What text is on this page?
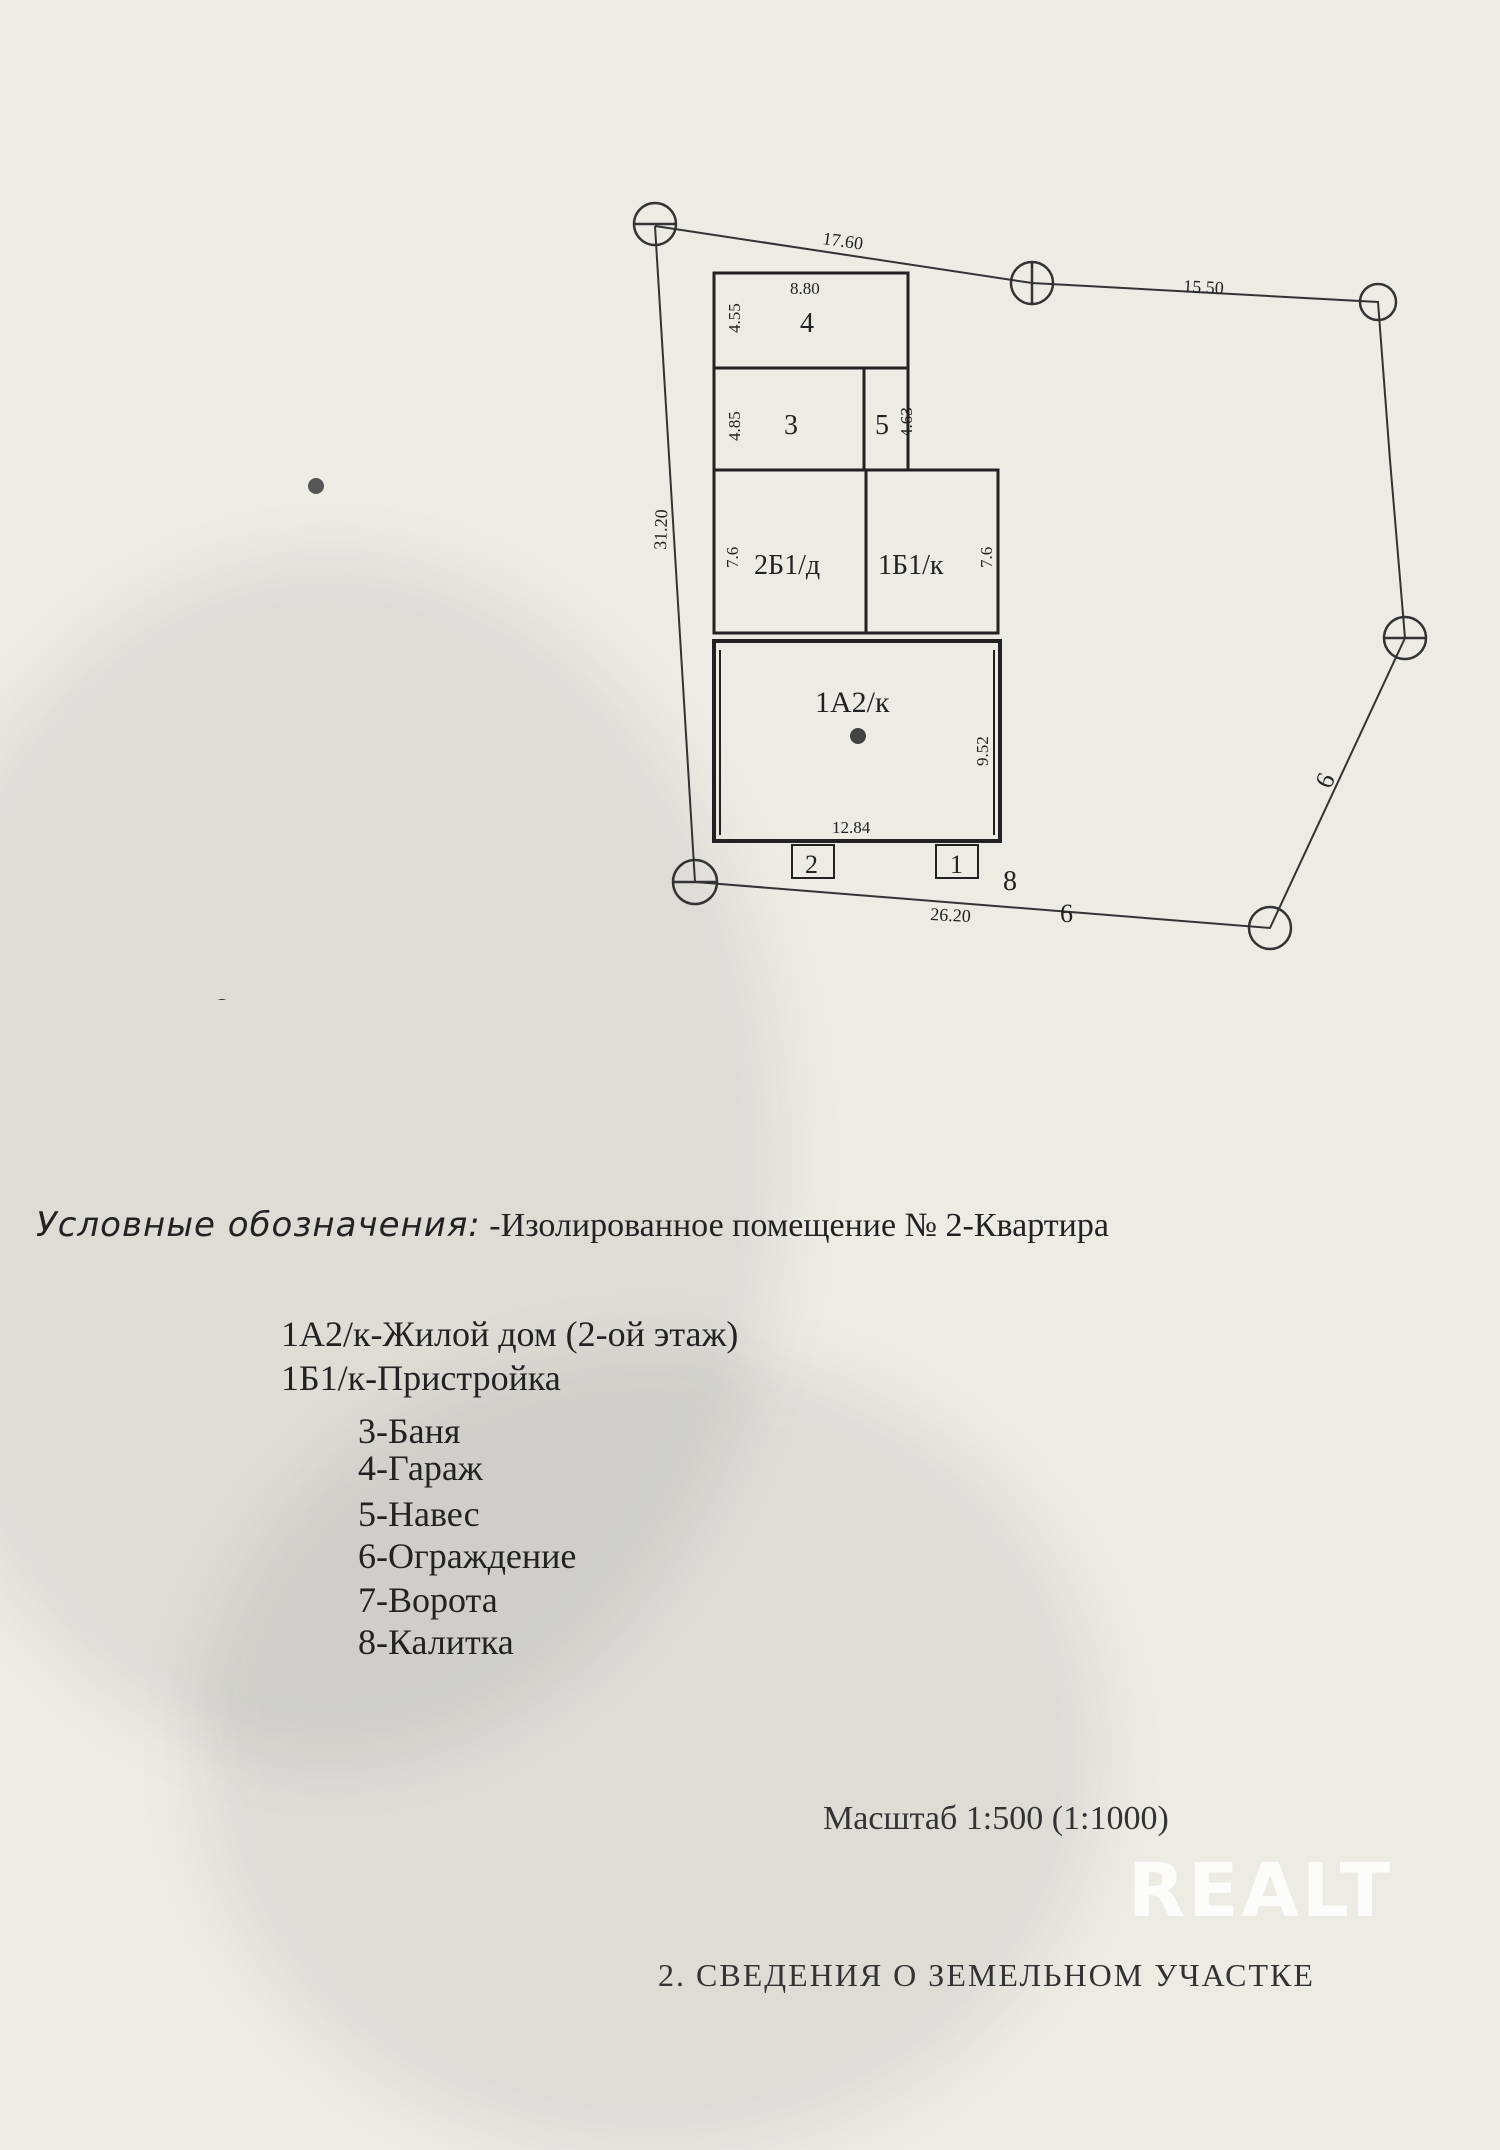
17.60
15.50
31.20
26.20
8.80
4.55
4.85	4.63
7.6	7.6
9.52
12.84
4
3	5
2Б1/д 1Б1/к
1А2/к
2	1
8
6
6
Условные обозначения: -Изолированное помещение № 2-Квартира
1А2/к-Жилой дом (2-ой этаж)
1Б1/к-Пристройка
3-Баня
4-Гараж
5-Навес
6-Ограждение
7-Ворота
8-Калитка
Масштаб 1:500 (1:1000)
REALT
2. СВЕДЕНИЯ О ЗЕМЕЛЬНОМ УЧАСТКЕ
